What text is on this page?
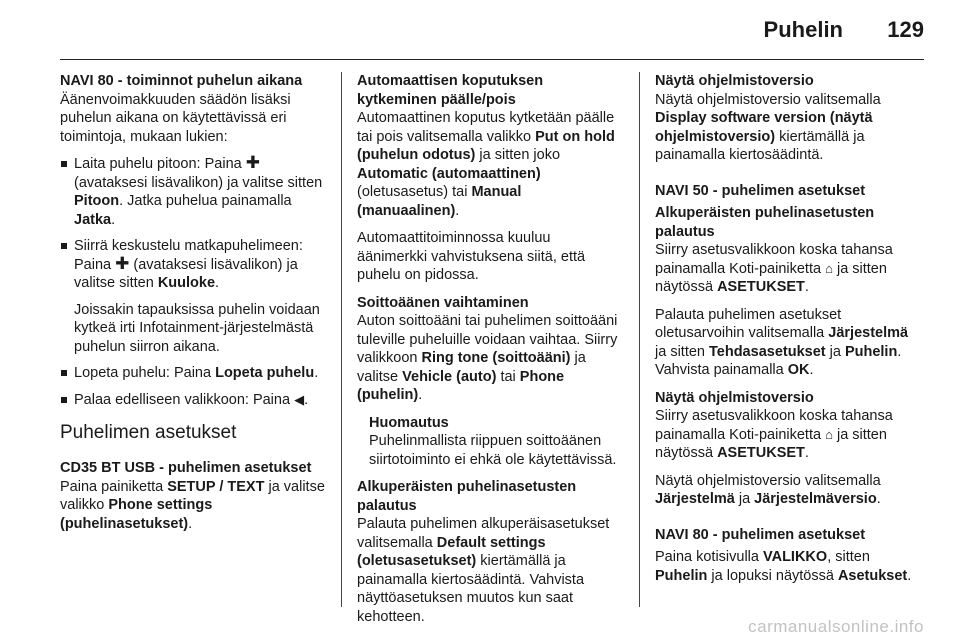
Puhelin 129
NAVI 80 - toiminnot puhelun aikana
Äänenvoimakkuuden säädön lisäksi puhelun aikana on käytettävissä eri toimintoja, mukaan lukien:
Laita puhelu pitoon: Paina ✚ (avataksesi lisävalikon) ja valitse sitten Pitoon. Jatka puhelua painamalla Jatka.
Siirrä keskustelu matkapuhelimeen: Paina ✚ (avataksesi lisävalikon) ja valitse sitten Kuuloke.
Joissakin tapauksissa puhelin voidaan kytkeä irti Infotainment-järjestelmästä puhelun siirron aikana.
Lopeta puhelu: Paina Lopeta puhelu.
Palaa edelliseen valikkoon: Paina ◀.
Puhelimen asetukset
CD35 BT USB - puhelimen asetukset
Paina painiketta SETUP / TEXT ja valitse valikko Phone settings (puhelinasetukset).
Automaattisen koputuksen kytkeminen päälle/pois
Automaattinen koputus kytketään päälle tai pois valitsemalla valikko Put on hold (puhelun odotus) ja sitten joko Automatic (automaattinen) (oletusasetus) tai Manual (manuaalinen).
Automaattitoiminnossa kuuluu äänimerkki vahvistuksena siitä, että puhelu on pidossa.
Soittoäänen vaihtaminen
Auton soittoääni tai puhelimen soittoääni tuleville puheluille voidaan vaihtaa. Siirry valikkoon Ring tone (soittoääni) ja valitse Vehicle (auto) tai Phone (puhelin).
Huomautus
Puhelinmallista riippuen soittoäänen siirtotoiminto ei ehkä ole käytettävissä.
Alkuperäisten puhelinasetusten palautus
Palauta puhelimen alkuperäisasetukset valitsemalla Default settings (oletusasetukset) kiertämällä ja painamalla kiertosäädintä. Vahvista näyttöasetuksen muutos kun saat kehotteen.
Näytä ohjelmistoversio
Näytä ohjelmistoversio valitsemalla Display software version (näytä ohjelmistoversio) kiertämällä ja painamalla kiertosäädintä.
NAVI 50 - puhelimen asetukset
Alkuperäisten puhelinasetusten palautus
Siirry asetusvalikkoon koska tahansa painamalla Koti-painiketta ⌂ ja sitten näytössä ASETUKSET.
Palauta puhelimen asetukset oletusarvoihin valitsemalla Järjestelmä ja sitten Tehdasasetukset ja Puhelin. Vahvista painamalla OK.
Näytä ohjelmistoversio
Siirry asetusvalikkoon koska tahansa painamalla Koti-painiketta ⌂ ja sitten näytössä ASETUKSET.
Näytä ohjelmistoversio valitsemalla Järjestelmä ja Järjestelmäversio.
NAVI 80 - puhelimen asetukset
Paina kotisivulla VALIKKO, sitten Puhelin ja lopuksi näytössä Asetukset.
carmanualsonline.info
